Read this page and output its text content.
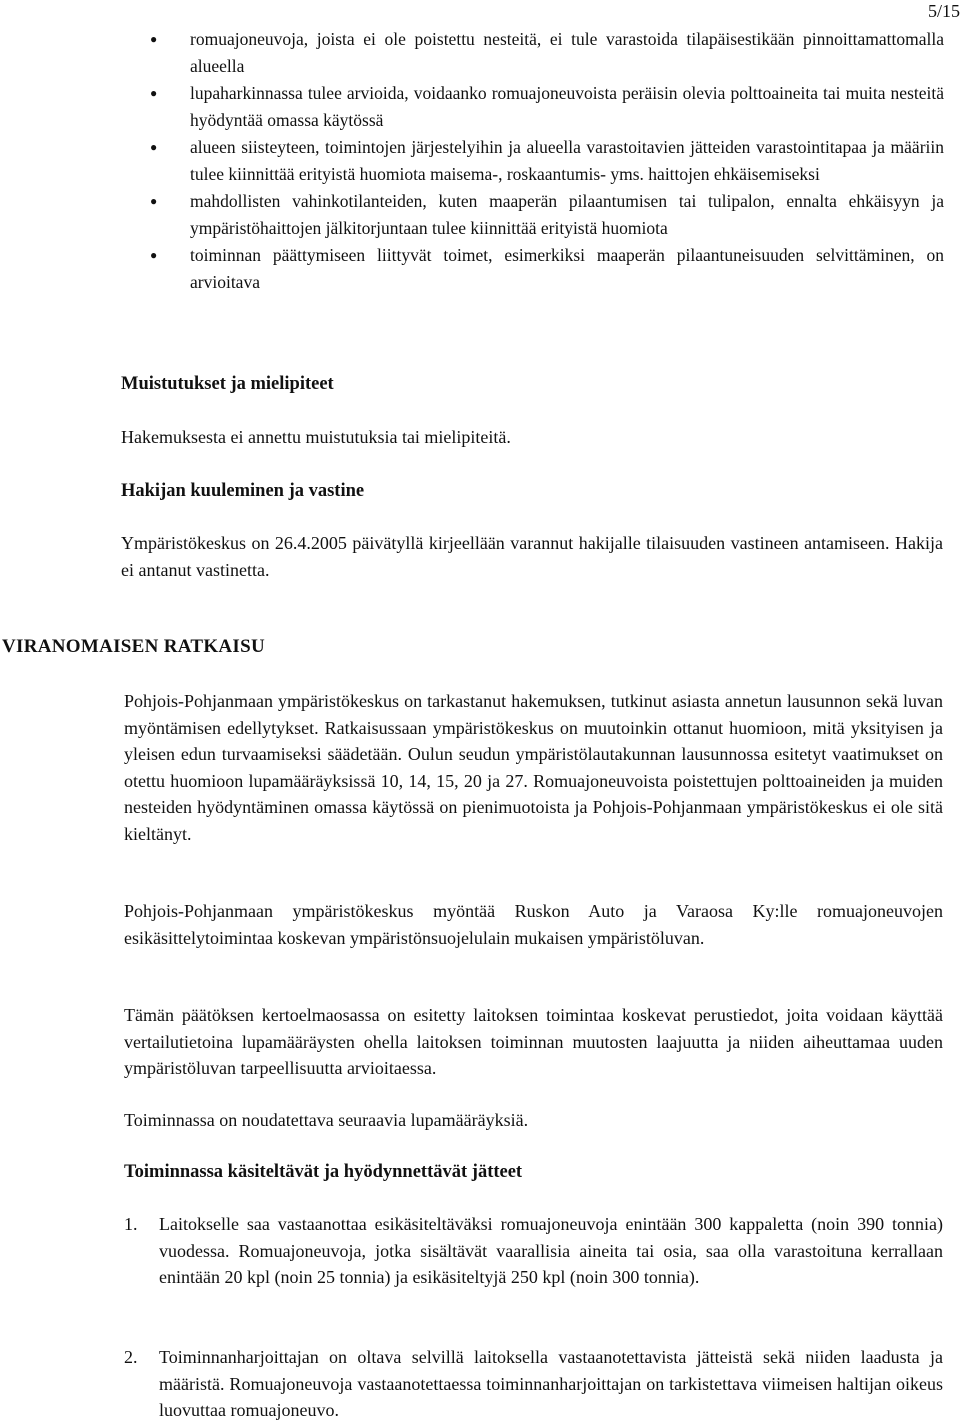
5/15
● romuajoneuvoja, joista ei ole poistettu nesteitä, ei tule varastoida tilapäisestikään pinnoittamattomalla alueella
● lupaharkinnassa tulee arvioida, voidaanko romuajoneuvoista peräisin olevia polttoaineita tai muita nesteitä hyödyntää omassa käytössä
● alueen siisteyteen, toimintojen järjestelyihin ja alueella varastoitavien jätteiden varastointitapaa ja määriin tulee kiinnittää erityistä huomiota maisema-, roskaantumis- yms. haittojen ehkäisemiseksi
● mahdollisten vahinkotilanteiden, kuten maaperän pilaantumisen tai tulipalon, ennalta ehkäisyyn ja ympäristöhaittojen jälkitorjuntaan tulee kiinnittää erityistä huomiota
● toiminnan päättymiseen liittyvät toimet, esimerkiksi maaperän pilaantuneisuuden selvittäminen, on arvioitava
Muistutukset ja mielipiteet

Hakemuksesta ei annettu muistutuksia tai mielipiteitä.

Hakijan kuuleminen ja vastine

Ympäristökeskus on 26.4.2005 päivätyllä kirjeellään varannut hakijalle tilaisuuden vastineen antamiseen. Hakija ei antanut vastinetta.

VIRANOMAISEN RATKAISU

Pohjois-Pohjanmaan ympäristökeskus on tarkastanut hakemuksen, tutkinut asiasta annetun lausunnon sekä luvan myöntämisen edellytykset. Ratkaisussaan ympäristökeskus on muutoinkin ottanut huomioon, mitä yksityisen ja yleisen edun turvaamiseksi säädetään. Oulun seudun ympäristölautakunnan lausunnossa esitetyt vaatimukset on otettu huomioon lupamääräyksissä 10, 14, 15, 20 ja 27. Romuajoneuvoista poistettujen polttoaineiden ja muiden nesteiden hyödyntäminen omassa käytössä on pienimuotoista ja Pohjois-Pohjanmaan ympäristökeskus ei ole sitä kieltänyt.

Pohjois-Pohjanmaan ympäristökeskus myöntää Ruskon Auto ja Varaosa Ky:lle romuajoneuvojen esikäsittelytoimintaa koskevan ympäristönsuojelulain mukaisen ympäristöluvan.

Tämän päätöksen kertoelmaosassa on esitetty laitoksen toimintaa koskevat perustiedot, joita voidaan käyttää vertailutietoina lupamääräysten ohella laitoksen toiminnan muutosten laajuutta ja niiden aiheuttamaa uuden ympäristöluvan tarpeellisuutta arvioitaessa.

Toiminnassa on noudatettava seuraavia lupamääräyksiä.

Toiminnassa käsiteltävät ja hyödynnettävät jätteet
1. Laitokselle saa vastaanottaa esikäsiteltäväksi romuajoneuvoja enintään 300 kappaletta (noin 390 tonnia) vuodessa. Romuajoneuvoja, jotka sisältävät vaarallisia aineita tai osia, saa olla varastoituna kerrallaan enintään 20 kpl (noin 25 tonnia) ja esikäsiteltyjä 250 kpl (noin 300 tonnia).
2. Toiminnanharjoittajan on oltava selvillä laitoksella vastaanotettavista jätteistä sekä niiden laadusta ja määristä. Romuajoneuvoja vastaanotettaessa toiminnanharjoittajan on tarkistettava viimeisen haltijan oikeus luovuttaa romuajoneuvo.
